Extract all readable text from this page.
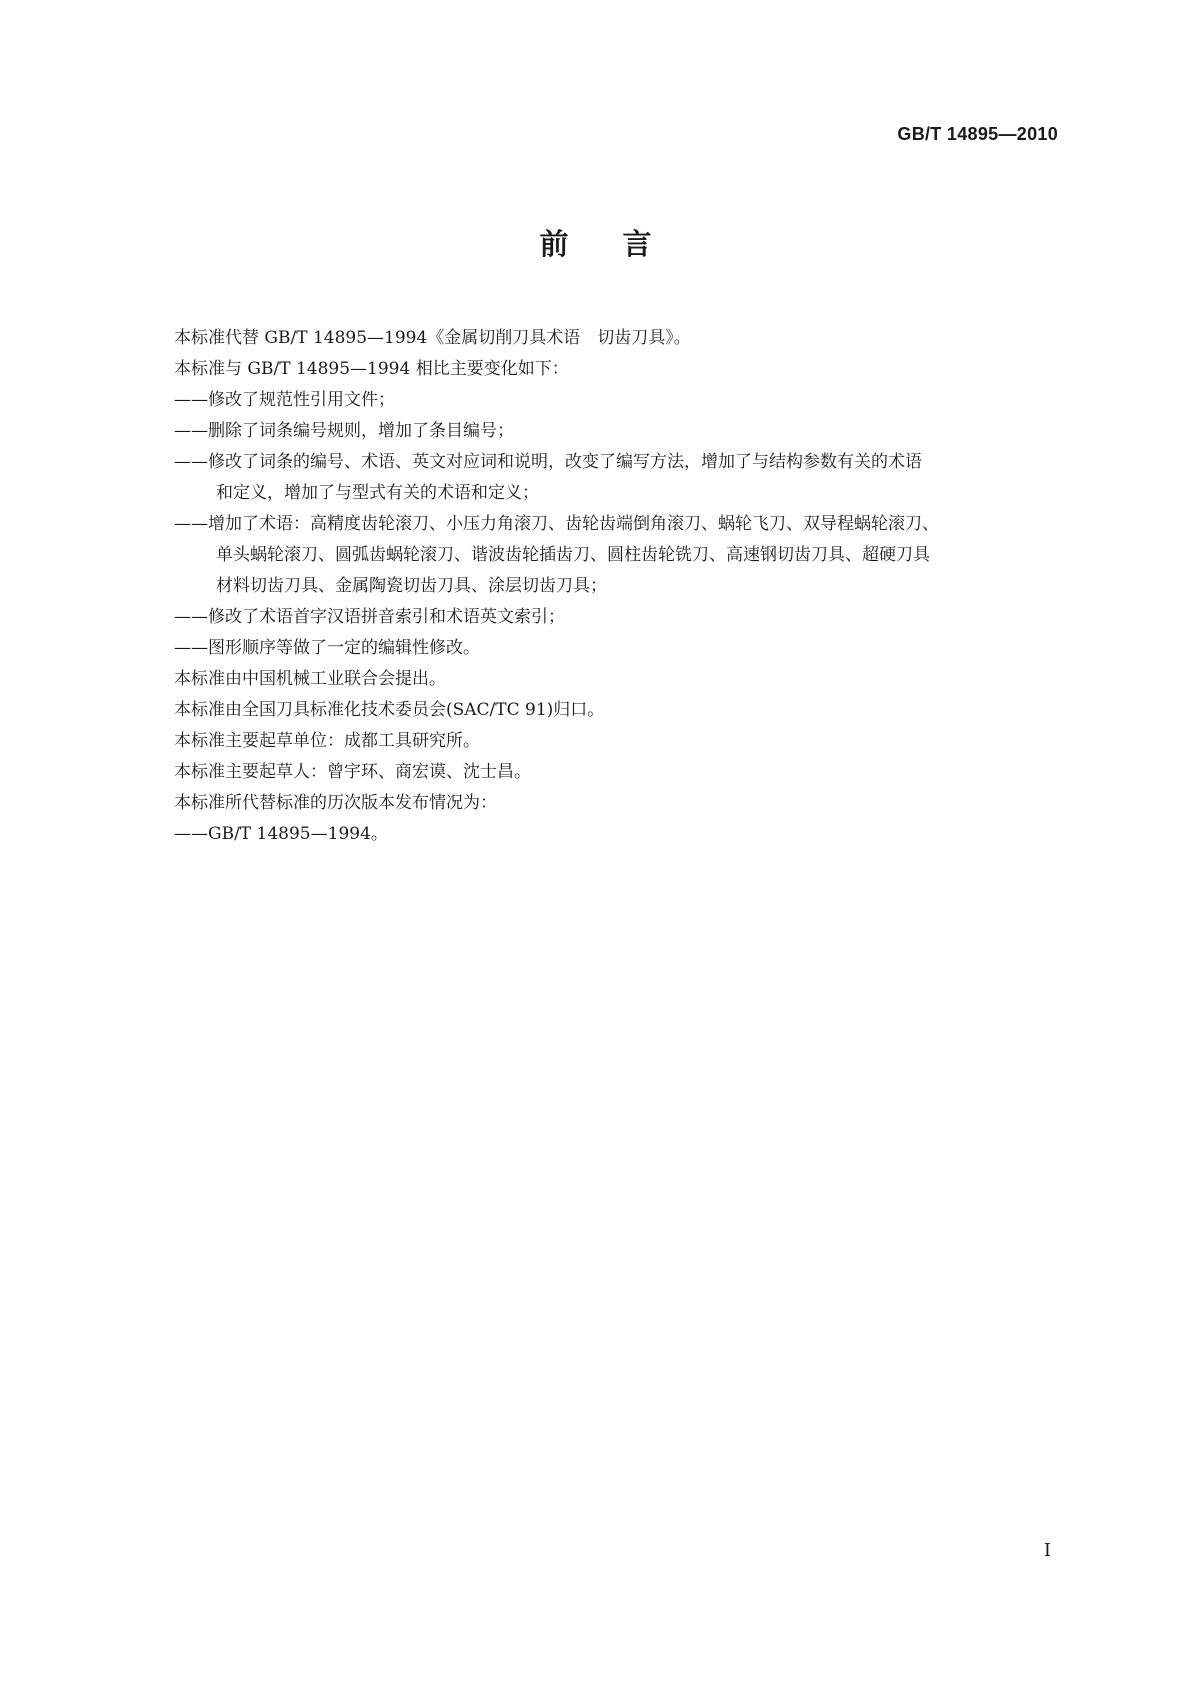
GB/T 14895—2010
前言

本标准代替 GB/T 14895—1994《金属切削刀具术语　切齿刀具》。

本标准与 GB/T 14895—1994 相比主要变化如下：

——修改了规范性引用文件；

——删除了词条编号规则，增加了条目编号；

——修改了词条的编号、术语、英文对应词和说明，改变了编写方法，增加了与结构参数有关的术语
和定义，增加了与型式有关的术语和定义；

——增加了术语：高精度齿轮滚刀、小压力角滚刀、齿轮齿端倒角滚刀、蜗轮飞刀、双导程蜗轮滚刀、
单头蜗轮滚刀、圆弧齿蜗轮滚刀、谐波齿轮插齿刀、圆柱齿轮铣刀、高速钢切齿刀具、超硬刀具
材料切齿刀具、金属陶瓷切齿刀具、涂层切齿刀具；

——修改了术语首字汉语拼音索引和术语英文索引；

——图形顺序等做了一定的编辑性修改。

本标准由中国机械工业联合会提出。

本标准由全国刀具标准化技术委员会(SAC/TC 91)归口。

本标准主要起草单位：成都工具研究所。

本标准主要起草人：曾宇环、商宏谟、沈士昌。

本标准所代替标准的历次版本发布情况为：

——GB/T 14895—1994。

I
